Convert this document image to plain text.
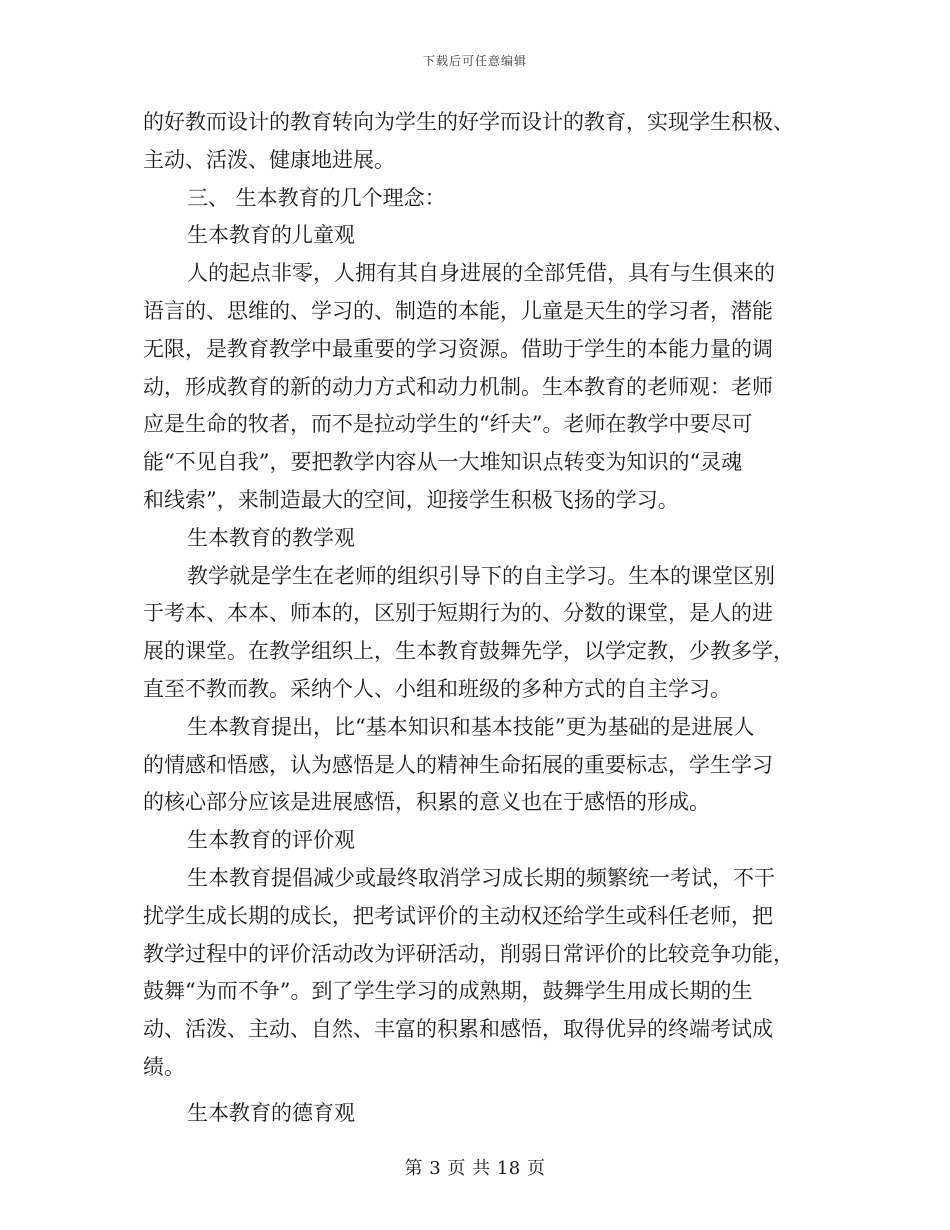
下载后可任意编辑
的好教而设计的教育转向为学生的好学而设计的教育，实现学生积极、
主动、活泼、健康地进展。
三、 生本教育的几个理念：
生本教育的儿童观
人的起点非零，人拥有其自身进展的全部凭借，具有与生俱来的
语言的、思维的、学习的、制造的本能，儿童是天生的学习者，潜能
无限，是教育教学中最重要的学习资源。借助于学生的本能力量的调
动，形成教育的新的动力方式和动力机制。生本教育的老师观：老师
应是生命的牧者，而不是拉动学生的“纤夫”。老师在教学中要尽可
能“不见自我”，要把教学内容从一大堆知识点转变为知识的“灵魂
和线索”，来制造最大的空间，迎接学生积极飞扬的学习。
生本教育的教学观
教学就是学生在老师的组织引导下的自主学习。生本的课堂区别
于考本、本本、师本的，区别于短期行为的、分数的课堂，是人的进
展的课堂。在教学组织上，生本教育鼓舞先学，以学定教，少教多学，
直至不教而教。采纳个人、小组和班级的多种方式的自主学习。
生本教育提出，比“基本知识和基本技能”更为基础的是进展人
的情感和悟感，认为感悟是人的精神生命拓展的重要标志，学生学习
的核心部分应该是进展感悟，积累的意义也在于感悟的形成。
生本教育的评价观
生本教育提倡减少或最终取消学习成长期的频繁统一考试，不干
扰学生成长期的成长，把考试评价的主动权还给学生或科任老师，把
教学过程中的评价活动改为评研活动，削弱日常评价的比较竞争功能，
鼓舞“为而不争”。到了学生学习的成熟期，鼓舞学生用成长期的生
动、活泼、主动、自然、丰富的积累和感悟，取得优异的终端考试成
绩。
生本教育的德育观
第 3 页 共 18 页
